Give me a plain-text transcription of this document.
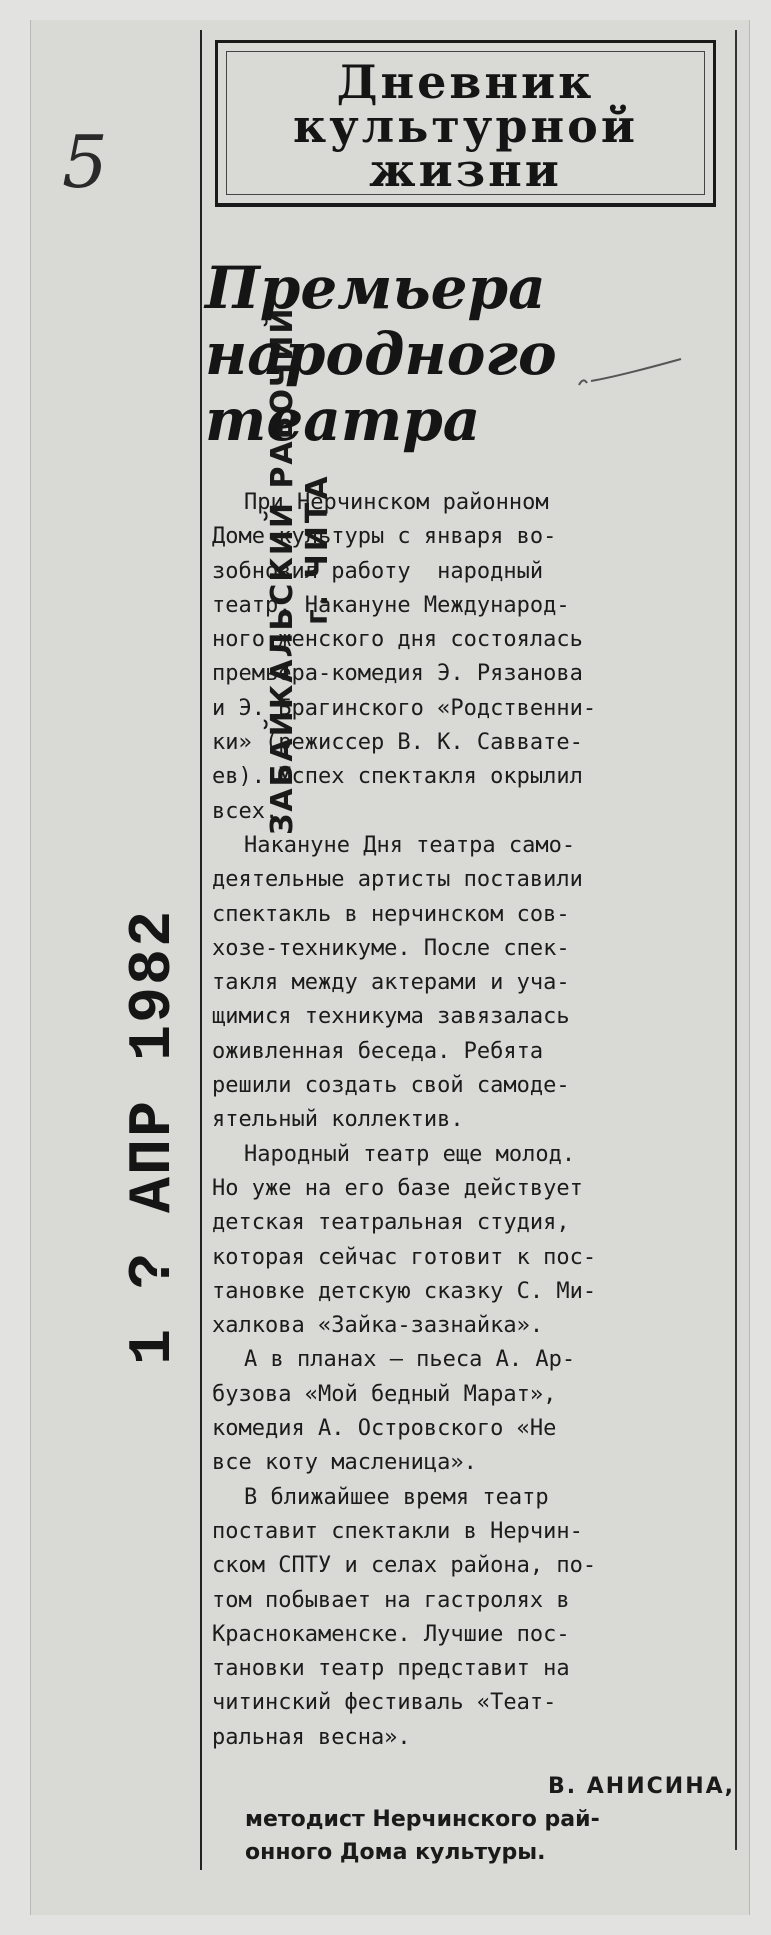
5
ЗАБАЙКАЛЬСКИЙ РАБОЧИЙ г. ЧИТА
1 ? АПР 1982
Дневник
культурной
жизни
Премьера
народного
театра
При Нерчинском районном
Доме культуры с января во-
зобновил работу  народный
театр. Накануне Международ-
ного женского дня состоялась
премьера-комедия Э. Рязанова
и Э. Брагинского «Родственни-
ки» (режиссер В. К. Савватe-
ев). Успех спектакля окрылил
всех.
Накануне Дня театра само-
деятельные артисты поставили
спектакль в нерчинском сов-
хозе-техникуме. После спек-
такля между актерами и уча-
щимися техникума завязалась
оживленная беседа. Ребята
решили создать свой самоде-
ятельный коллектив.
Народный театр еще молод.
Но уже на его базе действует
детская театральная студия,
которая сейчас готовит к пос-
тановке детскую сказку С. Ми-
халкова «Зайка-зазнайка».
А в планах — пьеса А. Ар-
бузова «Мой бедный Марат»,
комедия А. Островского «Не
все коту масленица».
В ближайшее время театр
поставит спектакли в Нерчин-
ском СПТУ и селах района, по-
том побывает на гастролях в
Краснокаменске. Лучшие пос-
тановки театр представит на
читинский фестиваль «Теат-
ральная весна».
В. АНИСИНА,
методист Нерчинского рай-
онного Дома культуры.
